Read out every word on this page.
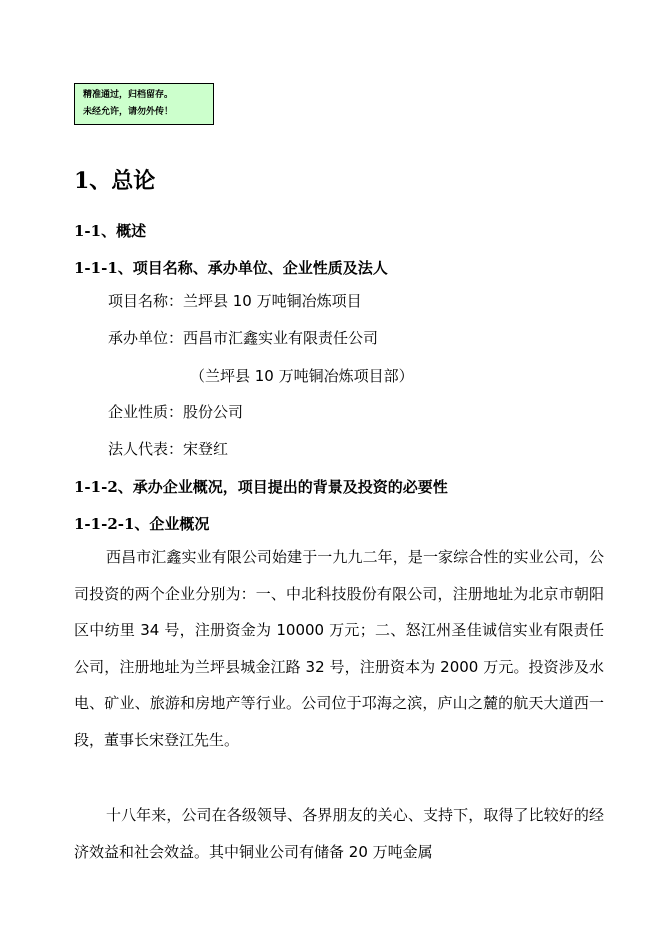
精准通过，归档留存。
未经允许，请勿外传！
1、总论
1-1、概述
1-1-1、项目名称、承办单位、企业性质及法人
项目名称：兰坪县 10 万吨铜冶炼项目
承办单位：西昌市汇鑫实业有限责任公司
（兰坪县 10 万吨铜冶炼项目部）
企业性质：股份公司
法人代表：宋登红
1-1-2、承办企业概况，项目提出的背景及投资的必要性
1-1-2-1、企业概况
西昌市汇鑫实业有限公司始建于一九九二年，是一家综合性的实业公司，公司投资的两个企业分别为：一、中北科技股份有限公司，注册地址为北京市朝阳区中纺里 34 号，注册资金为 10000 万元；二、怒江州圣佳诚信实业有限责任公司，注册地址为兰坪县城金江路 32 号，注册资本为 2000 万元。投资涉及水电、矿业、旅游和房地产等行业。公司位于邛海之滨，庐山之麓的航天大道西一段，董事长宋登江先生。
十八年来，公司在各级领导、各界朋友的关心、支持下，取得了比较好的经济效益和社会效益。其中铜业公司有储备 20 万吨金属
